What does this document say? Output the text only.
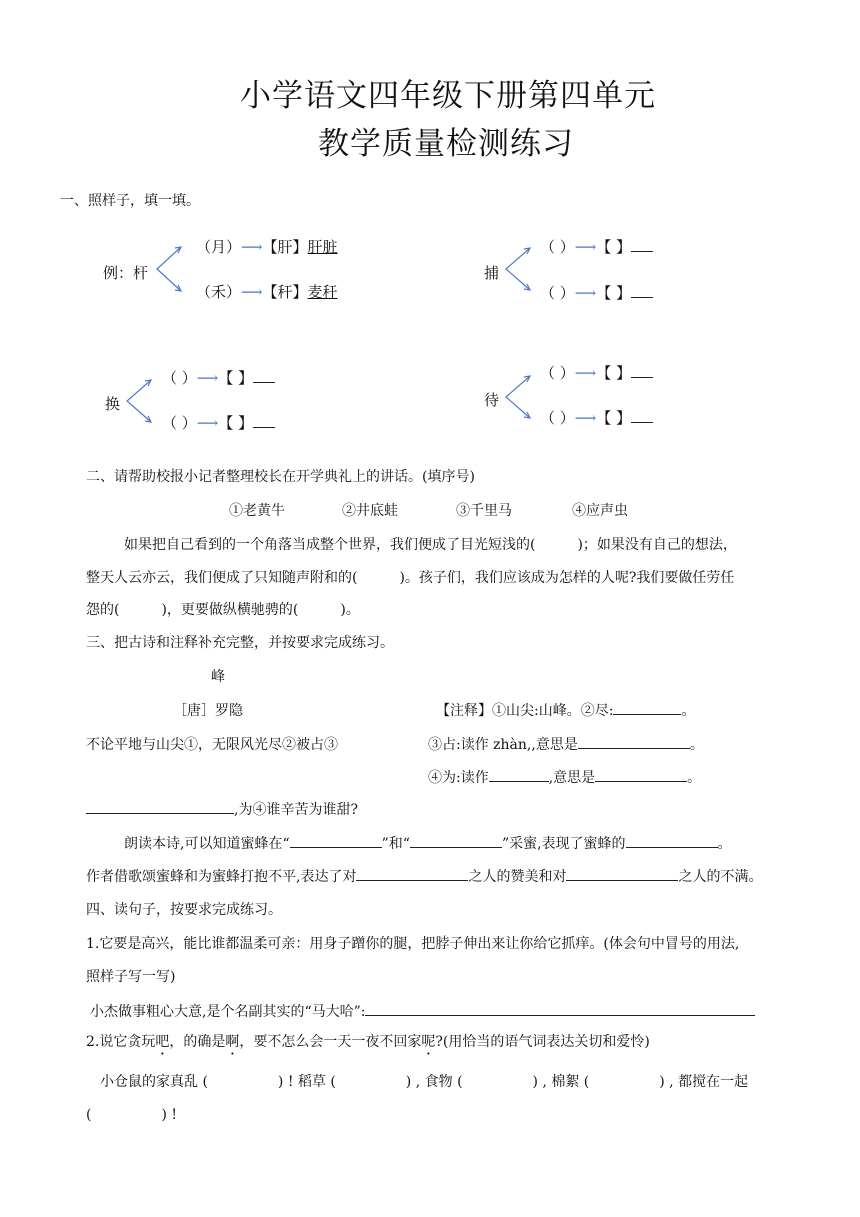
小学语文四年级下册第四单元
教学质量检测练习
一、照样子，填一填。
例：杆
（月）⟶【肝】肝脏
（禾）⟶【秆】麦秆
捕
（ ）⟶【 】
（ ）⟶【 】
换
（ ）⟶【 】
（ ）⟶【 】
待
（ ）⟶【 】
（ ）⟶【 】
二、请帮助校报小记者整理校长在开学典礼上的讲话。(填序号)
①老黄牛	②井底蛙	③千里马	④应声虫
如果把自己看到的一个角落当成整个世界，我们便成了目光短浅的(　　　)；如果没有自己的想法，
整天人云亦云，我们便成了只知随声附和的(　　　)。孩子们，我们应该成为怎样的人呢?我们要做任劳任
怨的(　　　)，更要做纵横驰骋的(　　　)。
三、把古诗和注释补充完整，并按要求完成练习。
峰
［唐］罗隐
不论平地与山尖①，无限风光尽②被占③
,为④谁辛苦为谁甜?
【注释】①山尖:山峰。②尽:	。
③占:读作 zhàn,,意思是	。
④为:读作	,意思是	。
朗读本诗,可以知道蜜蜂在“	”和“	”采蜜,表现了蜜蜂的	。
作者借歌颂蜜蜂和为蜜蜂打抱不平,表达了对	之人的赞美和对	之人的不满。
四、读句子，按要求完成练习。
1.它要是高兴，能比谁都温柔可亲：用身子蹭你的腿，把脖子伸出来让你给它抓痒。(体会句中冒号的用法,
照样子写一写)
小杰做事粗心大意,是个名副其实的“马大哈”:
2.说它贪玩吧，的确是啊，要不怎么会一天一夜不回家呢?(用恰当的语气词表达关切和爱怜)
小仓鼠的家真乱 (　　　　　) ! 稻草 (　　　　　) , 食物 (　　　　　) , 棉絮 (　　　　　) , 都搅在一起
(　　　　　) !
